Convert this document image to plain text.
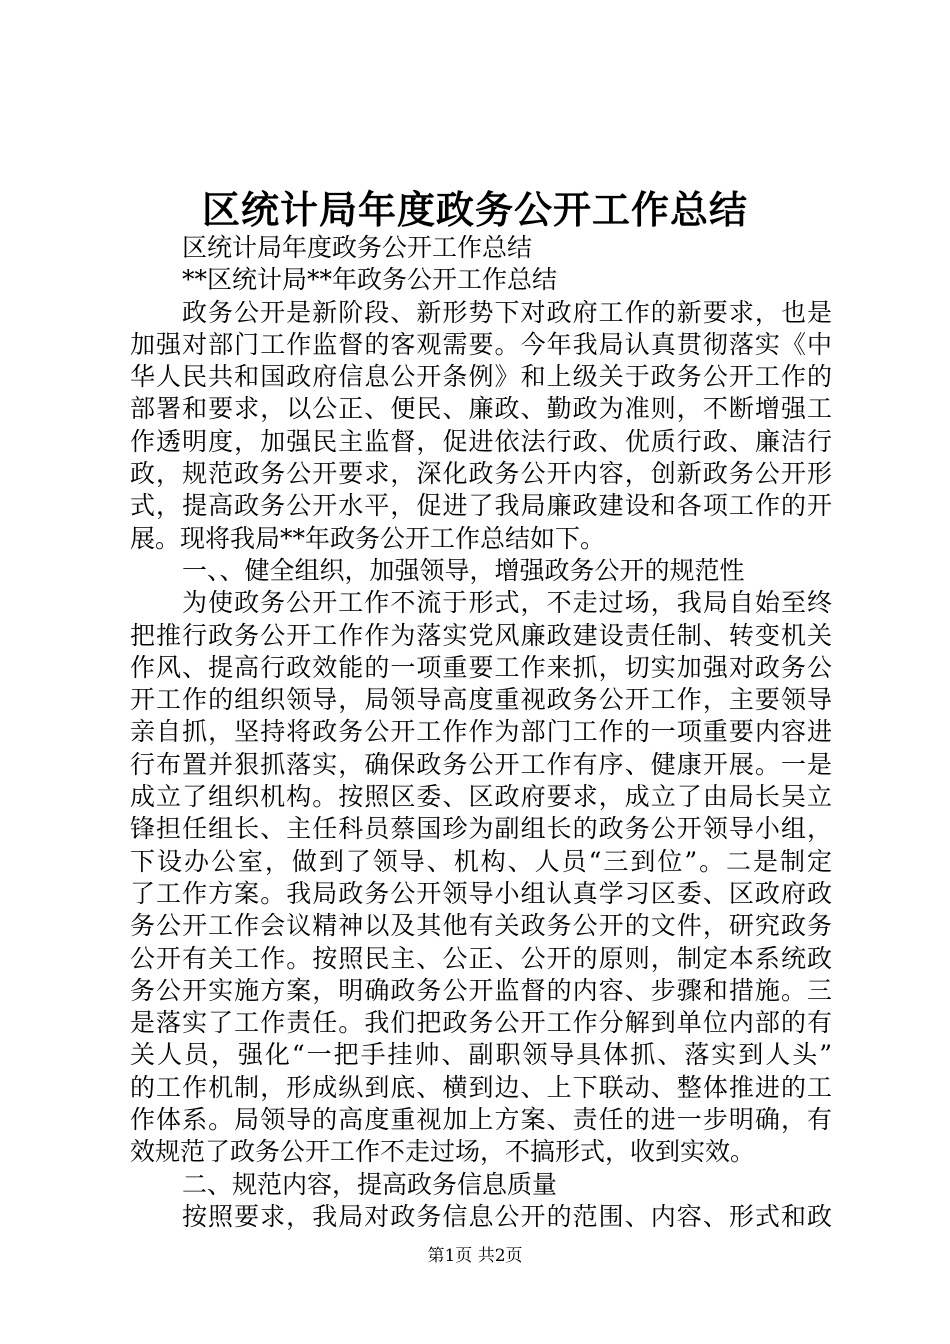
区统计局年度政务公开工作总结
区统计局年度政务公开工作总结
**区统计局**年政务公开工作总结
政务公开是新阶段、新形势下对政府工作的新要求，也是
加强对部门工作监督的客观需要。今年我局认真贯彻落实《中
华人民共和国政府信息公开条例》和上级关于政务公开工作的
部署和要求，以公正、便民、廉政、勤政为准则，不断增强工
作透明度，加强民主监督，促进依法行政、优质行政、廉洁行
政，规范政务公开要求，深化政务公开内容，创新政务公开形
式，提高政务公开水平，促进了我局廉政建设和各项工作的开
展。现将我局**年政务公开工作总结如下。
一、、健全组织，加强领导，增强政务公开的规范性
为使政务公开工作不流于形式，不走过场，我局自始至终
把推行政务公开工作作为落实党风廉政建设责任制、转变机关
作风、提高行政效能的一项重要工作来抓，切实加强对政务公
开工作的组织领导，局领导高度重视政务公开工作，主要领导
亲自抓，坚持将政务公开工作作为部门工作的一项重要内容进
行布置并狠抓落实，确保政务公开工作有序、健康开展。一是
成立了组织机构。按照区委、区政府要求，成立了由局长吴立
锋担任组长、主任科员蔡国珍为副组长的政务公开领导小组，
下设办公室，做到了领导、机构、人员“三到位”。二是制定
了工作方案。我局政务公开领导小组认真学习区委、区政府政
务公开工作会议精神以及其他有关政务公开的文件，研究政务
公开有关工作。按照民主、公正、公开的原则，制定本系统政
务公开实施方案，明确政务公开监督的内容、步骤和措施。三
是落实了工作责任。我们把政务公开工作分解到单位内部的有
关人员，强化“一把手挂帅、副职领导具体抓、落实到人头”
的工作机制，形成纵到底、横到边、上下联动、整体推进的工
作体系。局领导的高度重视加上方案、责任的进一步明确，有
效规范了政务公开工作不走过场，不搞形式，收到实效。
二、规范内容，提高政务信息质量
按照要求，我局对政务信息公开的范围、内容、形式和政
第1页 共2页
